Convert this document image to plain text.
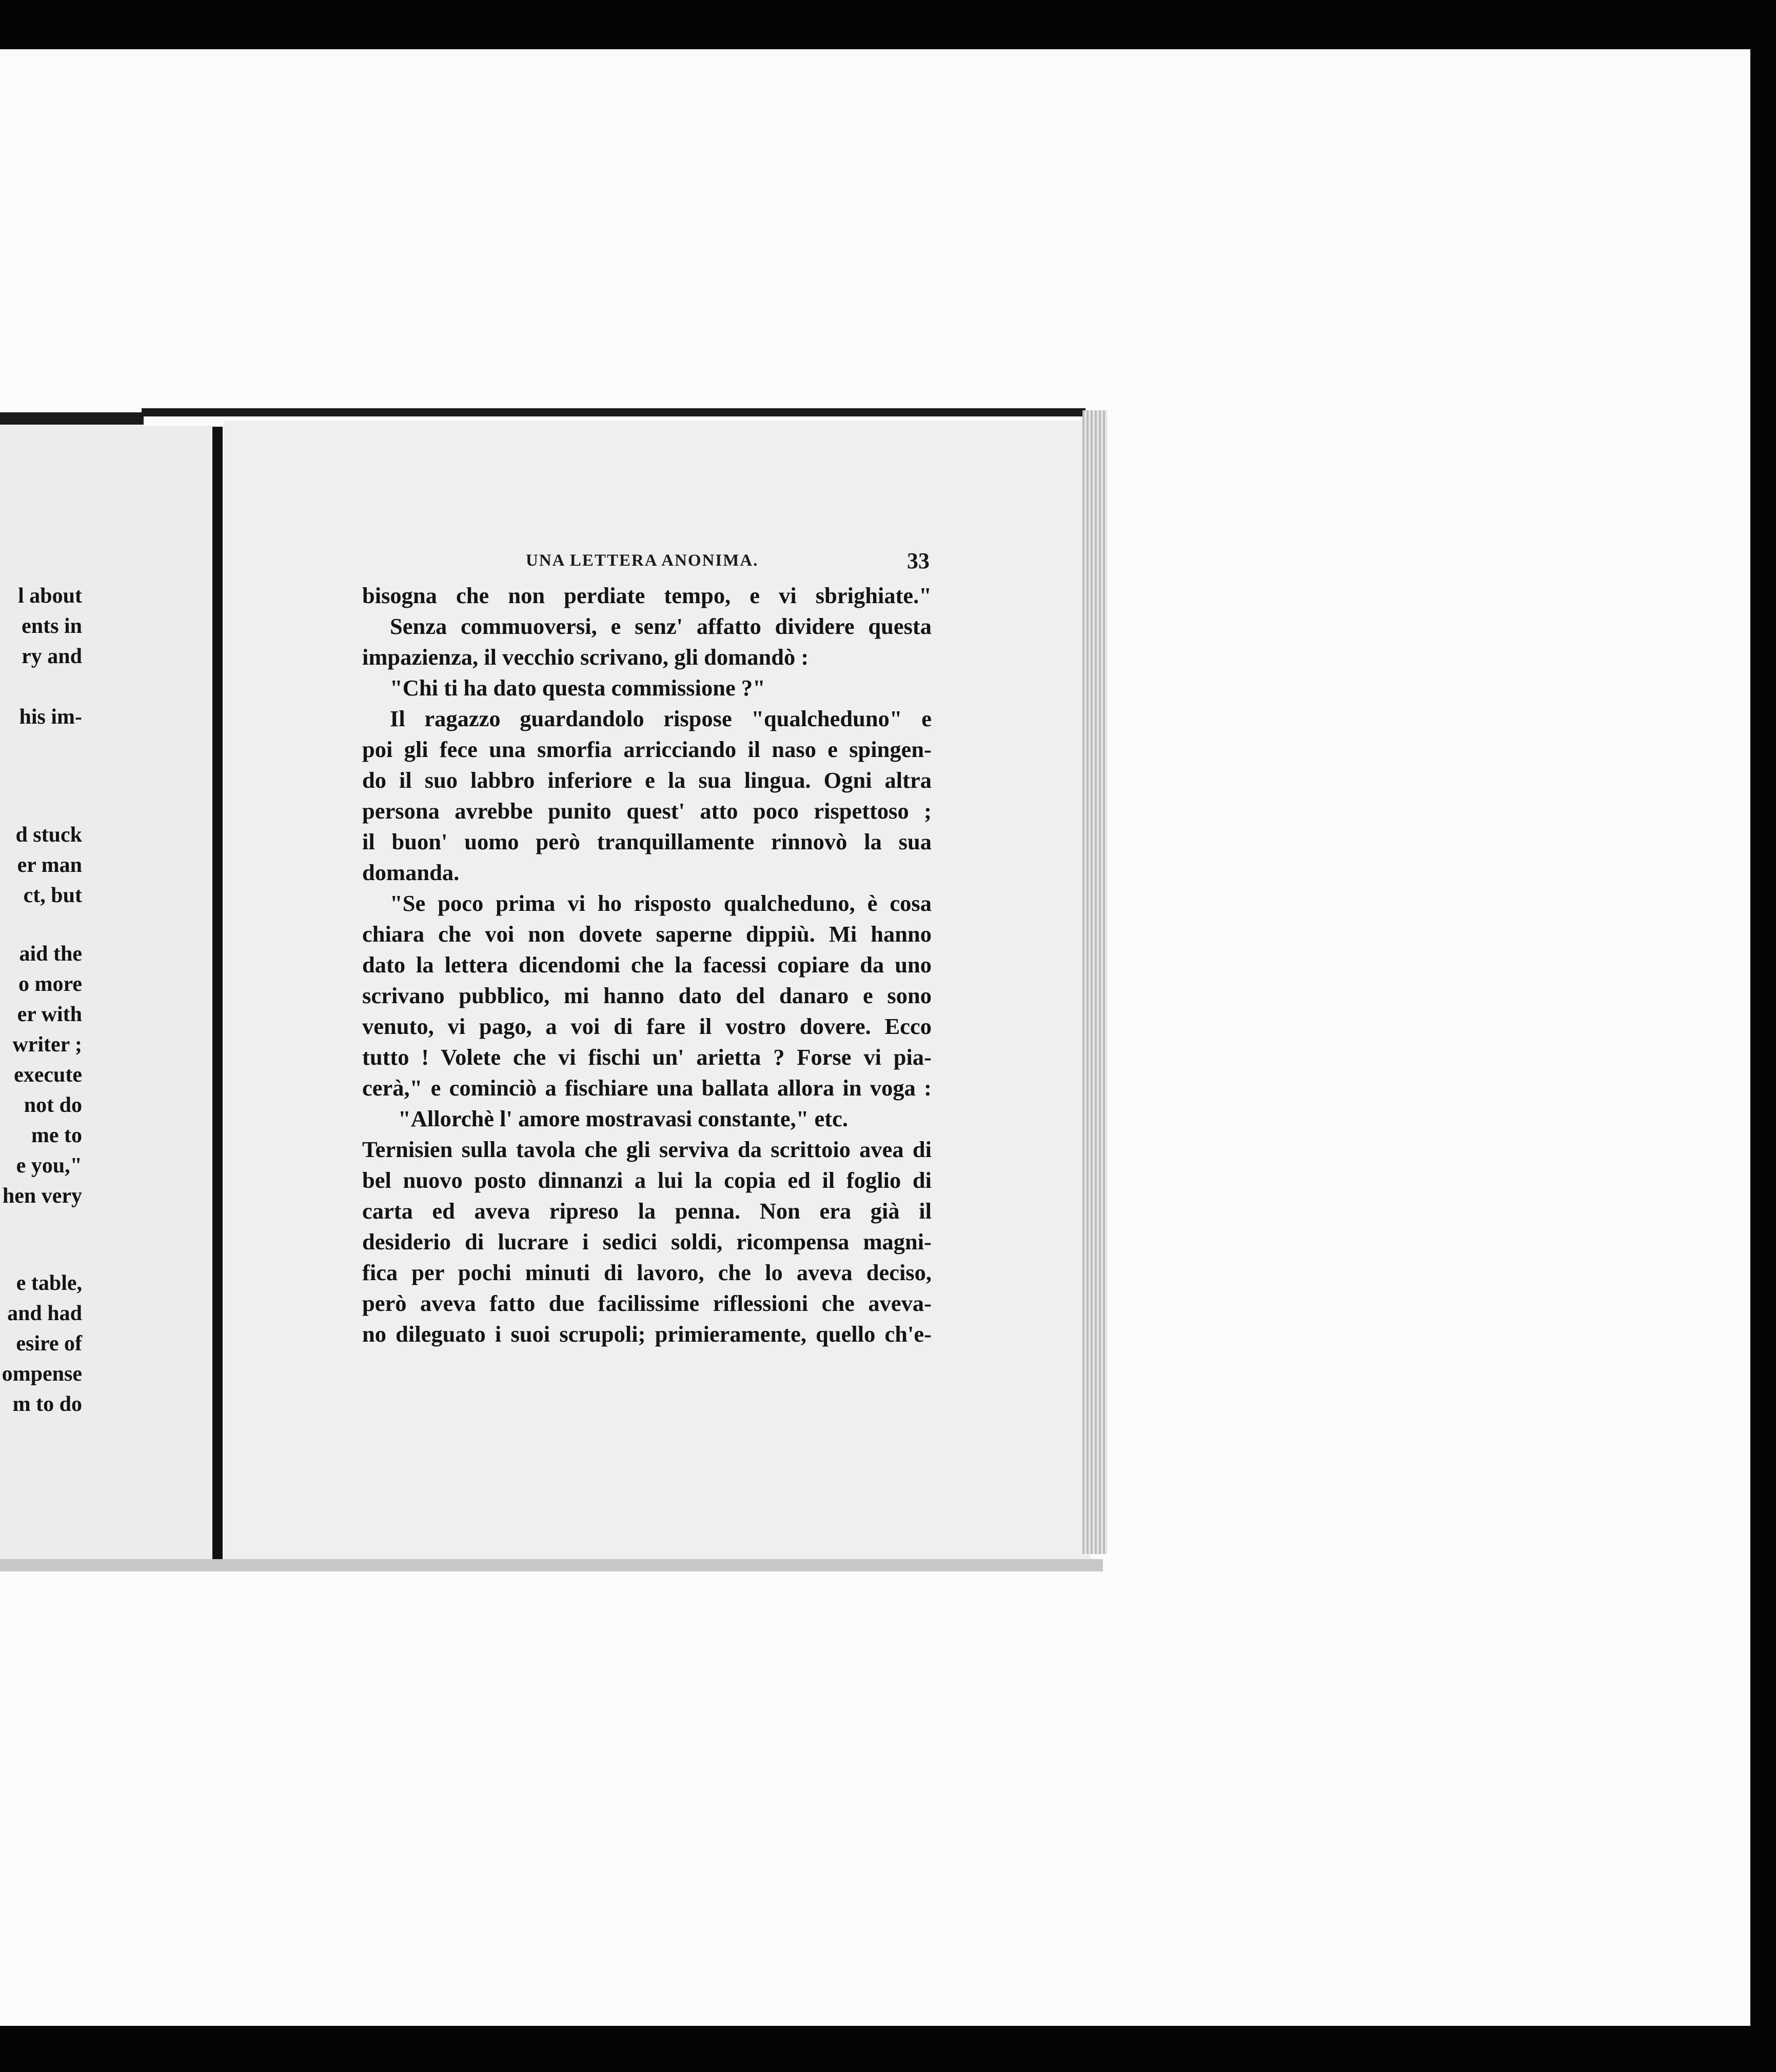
l about
ents in
ry and
his im-
d stuck
er man
ct, but
aid the
o more
er with
writer ;
execute
not do
me to
e you,"
hen very
e table,
and had
esire of
ompense
m to do
UNA LETTERA ANONIMA.	33
bisogna che non perdiate tempo, e vi sbrighiate."
Senza commuoversi, e senz' affatto dividere questa
impazienza, il vecchio scrivano, gli domandò :
"Chi ti ha dato questa commissione ?"
Il ragazzo guardandolo rispose "qualcheduno" e
poi gli fece una smorfia arricciando il naso e spingen-
do il suo labbro inferiore e la sua lingua. Ogni altra
persona avrebbe punito quest' atto poco rispettoso ;
il buon' uomo però tranquillamente rinnovò la sua
domanda.
"Se poco prima vi ho risposto qualcheduno, è cosa
chiara che voi non dovete saperne dippiù. Mi hanno
dato la lettera dicendomi che la facessi copiare da uno
scrivano pubblico, mi hanno dato del danaro e sono
venuto, vi pago, a voi di fare il vostro dovere. Ecco
tutto ! Volete che vi fischi un' arietta ? Forse vi pia-
cerà," e cominciò a fischiare una ballata allora in voga :
"Allorchè l' amore mostravasi constante," etc.
Ternisien sulla tavola che gli serviva da scrittoio avea di
bel nuovo posto dinnanzi a lui la copia ed il foglio di
carta ed aveva ripreso la penna. Non era già il
desiderio di lucrare i sedici soldi, ricompensa magni-
fica per pochi minuti di lavoro, che lo aveva deciso,
però aveva fatto due facilissime riflessioni che aveva-
no dileguato i suoi scrupoli; primieramente, quello ch'e-
